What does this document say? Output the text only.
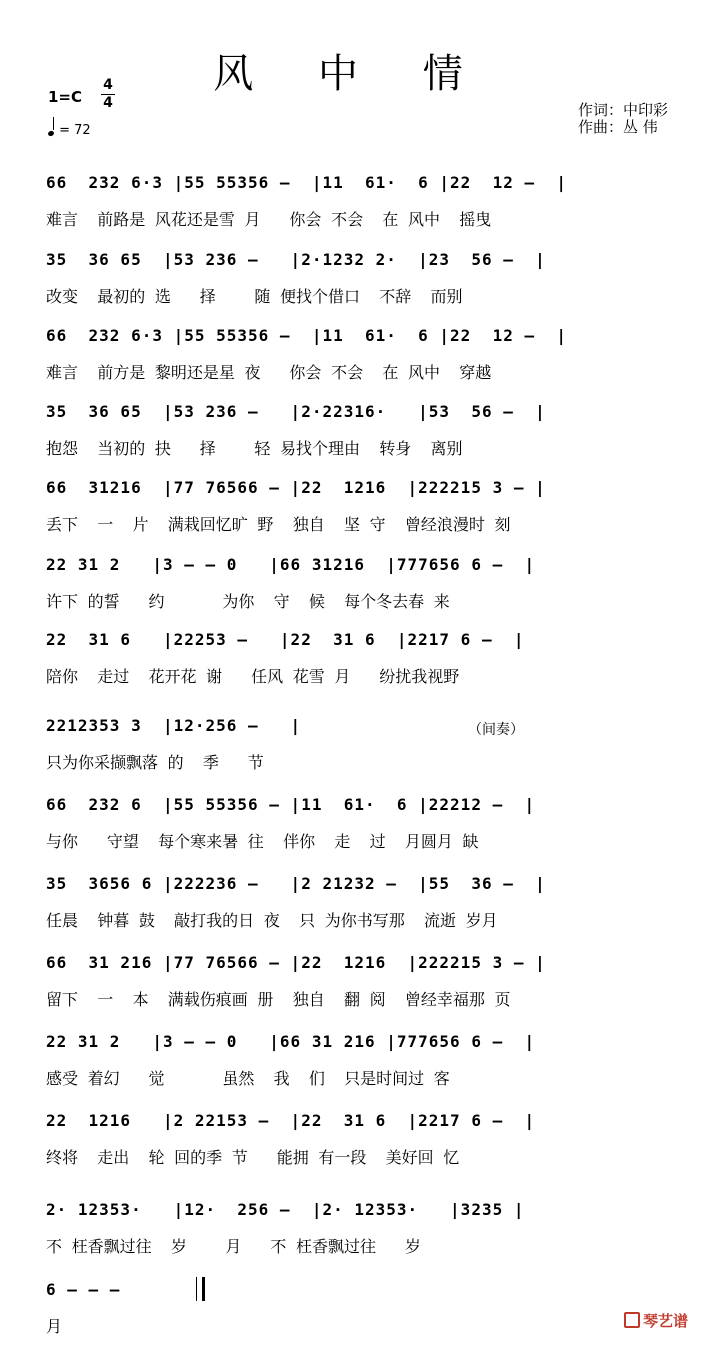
风 中 情
1=C
4
4
= 72
作词：中印彩
作曲：丛 伟
66  232 6·3 |55 55356 –  |11  61·  6 |22  12 –  |
难言  前路是 风花还是雪 月   你会 不会  在 风中  摇曳
35  36 65  |53 236 –   |2·1232 2·  |23  56 –  |
改变  最初的 选   择    随 便找个借口  不辞  而别
66  232 6·3 |55 55356 –  |11  61·  6 |22  12 –  |
难言  前方是 黎明还是星 夜   你会 不会  在 风中  穿越
35  36 65  |53 236 –   |2·22316·   |53  56 –  |
抱怨  当初的 抉   择    轻 易找个理由  转身  离别
66  31216  |77 76566 – |22  1216  |222215 3 – |
丢下  一  片  满栽回忆旷 野  独自  坚 守  曾经浪漫时 刻
22 31 2   |3 – – 0   |66 31216  |777656 6 –  |
许下 的誓   约      为你  守  候  每个冬去春 来
22  31 6   |22253 –   |22  31 6  |2217 6 –  |
陪你  走过  花开花 谢   任风 花雪 月   纷扰我视野
2212353 3  |12·256 –   |
只为你采撷飘落 的  季   节
66  232 6  |55 55356 – |11  61·  6 |22212 –  |
与你   守望  每个寒来暑 往  伴你  走  过  月圆月 缺
35  3656 6 |222236 –   |2 21232 –  |55  36 –  |
任晨  钟暮 鼓  敲打我的日 夜  只 为你书写那  流逝 岁月
66  31 216 |77 76566 – |22  1216  |222215 3 – |
留下  一  本  满载伤痕画 册  独自  翻 阅  曾经幸福那 页
22 31 2   |3 – – 0   |66 31 216 |777656 6 –  |
感受 着幻   觉      虽然  我  们  只是时间过 客
22  1216   |2 22153 –  |22  31 6  |2217 6 –  |
终将  走出  轮 回的季 节   能拥 有一段  美好回 忆
2· 12353·   |12·  256 –  |2· 12353·   |3235 |
不 枉香飘过往  岁    月   不 枉香飘过往   岁
6 – – –
月
（间奏）
琴艺谱
